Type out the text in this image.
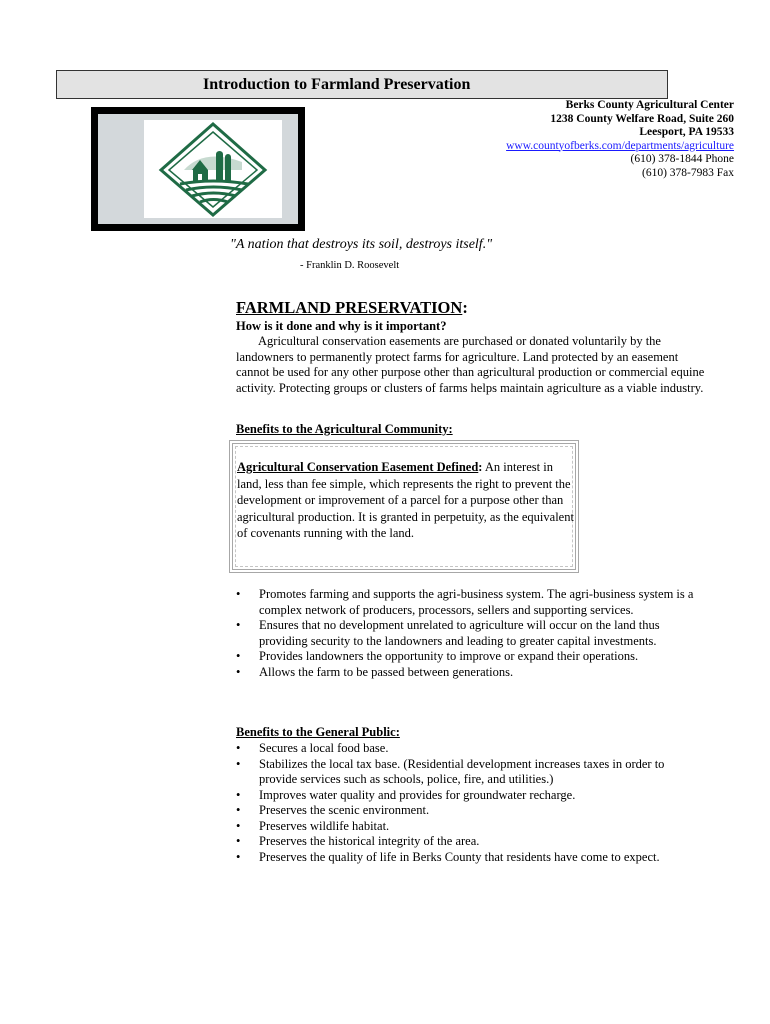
Introduction to Farmland Preservation
Berks County Agricultural Center
1238 County Welfare Road, Suite 260
Leesport, PA 19533
www.countyofberks.com/departments/agriculture
(610) 378-1844 Phone
(610) 378-7983 Fax
"A nation that destroys its soil, destroys itself."
- Franklin D. Roosevelt
FARMLAND PRESERVATION:
How is it done and why is it important?
Agricultural conservation easements are purchased or donated voluntarily by the landowners to permanently protect farms for agriculture. Land protected by an easement cannot be used for any other purpose other than agricultural production or commercial equine activity. Protecting groups or clusters of farms helps maintain agriculture as a viable industry.
Benefits to the Agricultural Community:
Agricultural Conservation Easement Defined: An interest in land, less than fee simple, which represents the right to prevent the development or improvement of a parcel for a purpose other than agricultural production. It is granted in perpetuity, as the equivalent of covenants running with the land.
• Promotes farming and supports the agri-business system. The agri-business system is a complex network of producers, processors, sellers and supporting services.
• Ensures that no development unrelated to agriculture will occur on the land thus providing security to the landowners and leading to greater capital investments.
• Provides landowners the opportunity to improve or expand their operations.
• Allows the farm to be passed between generations.
Benefits to the General Public:
• Secures a local food base.
• Stabilizes the local tax base. (Residential development increases taxes in order to provide services such as schools, police, fire, and utilities.)
• Improves water quality and provides for groundwater recharge.
• Preserves the scenic environment.
• Preserves wildlife habitat.
• Preserves the historical integrity of the area.
• Preserves the quality of life in Berks County that residents have come to expect.
